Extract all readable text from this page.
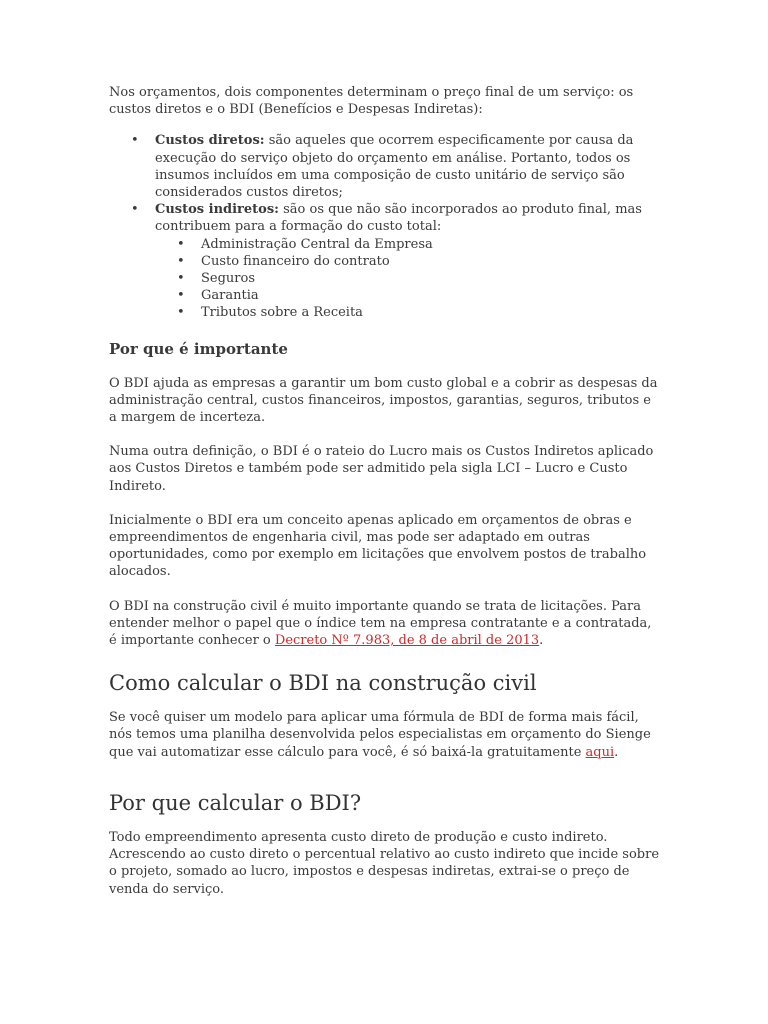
Nos orçamentos, dois componentes determinam o preço final de um serviço: os custos diretos e o BDI (Benefícios e Despesas Indiretas):

• Custos diretos: são aqueles que ocorrem especificamente por causa da execução do serviço objeto do orçamento em análise. Portanto, todos os insumos incluídos em uma composição de custo unitário de serviço são considerados custos diretos;
• Custos indiretos: são os que não são incorporados ao produto final, mas contribuem para a formação do custo total:
• Administração Central da Empresa
• Custo financeiro do contrato
• Seguros
• Garantia
• Tributos sobre a Receita
Por que é importante

O BDI ajuda as empresas a garantir um bom custo global e a cobrir as despesas da administração central, custos financeiros, impostos, garantias, seguros, tributos e a margem de incerteza.

Numa outra definição, o BDI é o rateio do Lucro mais os Custos Indiretos aplicado aos Custos Diretos e também pode ser admitido pela sigla LCI – Lucro e Custo Indireto.

Inicialmente o BDI era um conceito apenas aplicado em orçamentos de obras e empreendimentos de engenharia civil, mas pode ser adaptado em outras oportunidades, como por exemplo em licitações que envolvem postos de trabalho alocados.

O BDI na construção civil é muito importante quando se trata de licitações. Para entender melhor o papel que o índice tem na empresa contratante e a contratada, é importante conhecer o Decreto Nº 7.983, de 8 de abril de 2013.

Como calcular o BDI na construção civil

Se você quiser um modelo para aplicar uma fórmula de BDI de forma mais fácil, nós temos uma planilha desenvolvida pelos especialistas em orçamento do Sienge que vai automatizar esse cálculo para você, é só baixá-la gratuitamente aqui.

Por que calcular o BDI?

Todo empreendimento apresenta custo direto de produção e custo indireto. Acrescendo ao custo direto o percentual relativo ao custo indireto que incide sobre o projeto, somado ao lucro, impostos e despesas indiretas, extrai-se o preço de venda do serviço.
